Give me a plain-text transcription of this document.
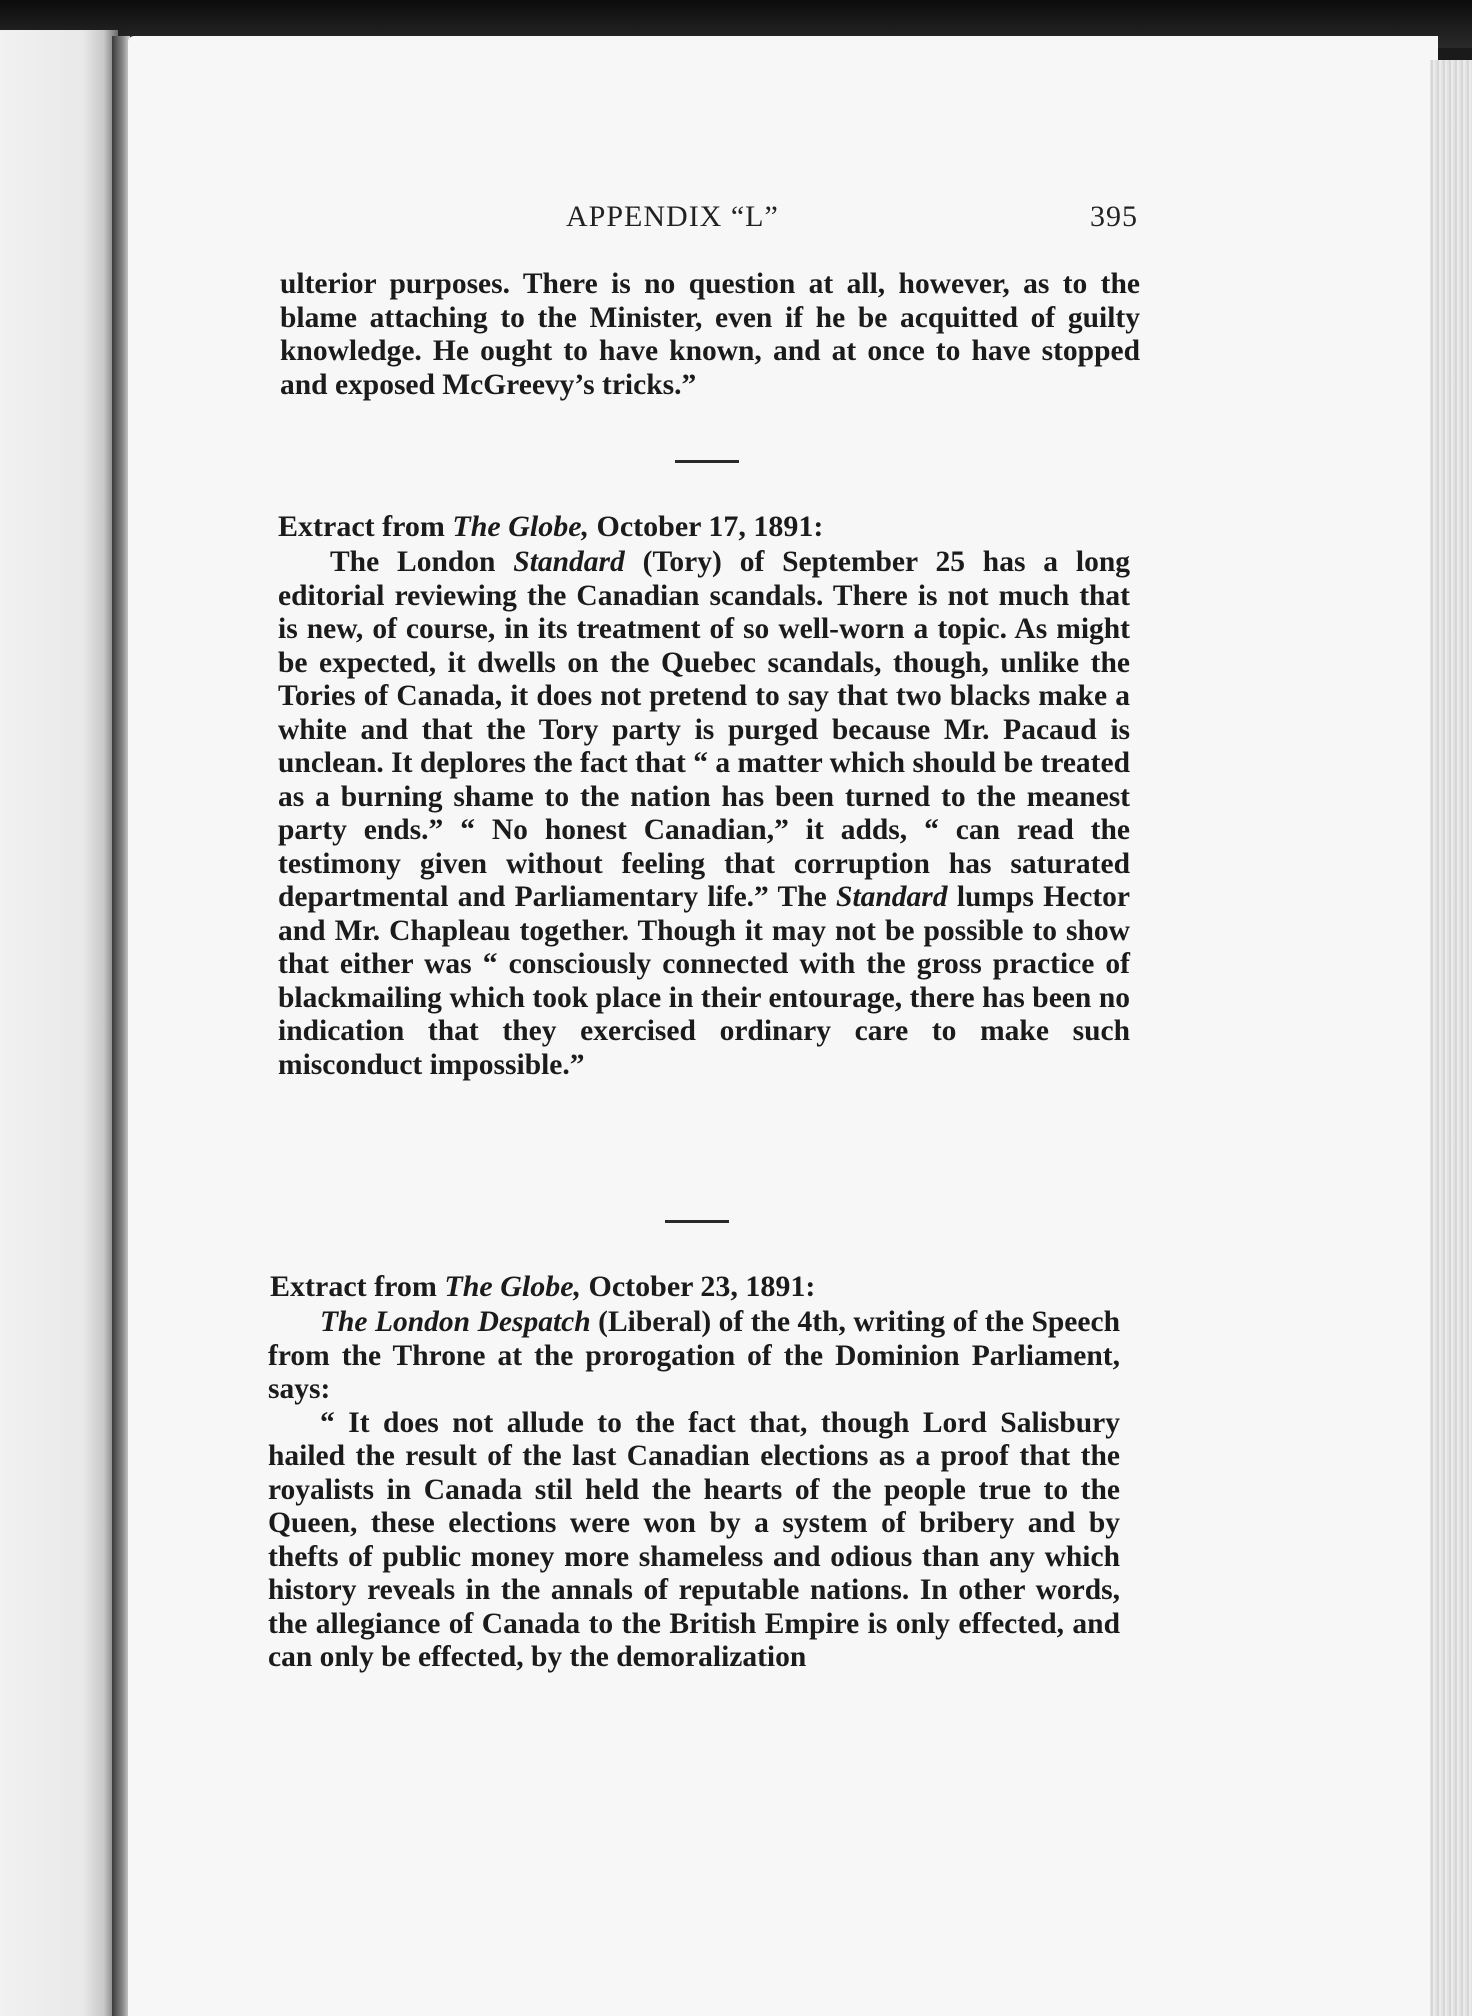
APPENDIX “L”	395

ulterior purposes. There is no question at all, however, as to the blame attaching to the Minister, even if he be acquitted of guilty knowledge. He ought to have known, and at once to have stopped and exposed McGreevy’s tricks.”

Extract from The Globe, October 17, 1891:

The London Standard (Tory) of September 25 has a long editorial reviewing the Canadian scandals. There is not much that is new, of course, in its treatment of so well-worn a topic. As might be expected, it dwells on the Quebec scandals, though, unlike the Tories of Canada, it does not pretend to say that two blacks make a white and that the Tory party is purged because Mr. Pacaud is unclean. It deplores the fact that “ a matter which should be treated as a burning shame to the nation has been turned to the meanest party ends.” “ No honest Canadian,” it adds, “ can read the testimony given without feeling that corruption has saturated departmental and Parliamentary life.” The Standard lumps Hector and Mr. Chapleau together. Though it may not be possible to show that either was “ consciously connected with the gross practice of blackmailing which took place in their entourage, there has been no indication that they exercised ordinary care to make such misconduct impossible.”

Extract from The Globe, October 23, 1891:

The London Despatch (Liberal) of the 4th, writing of the Speech from the Throne at the prorogation of the Dominion Parliament, says:

“ It does not allude to the fact that, though Lord Salisbury hailed the result of the last Canadian elections as a proof that the royalists in Canada stil held the hearts of the people true to the Queen, these elections were won by a system of bribery and by thefts of public money more shameless and odious than any which history reveals in the annals of reputable nations. In other words, the allegiance of Canada to the British Empire is only effected, and can only be effected, by the demoralization
